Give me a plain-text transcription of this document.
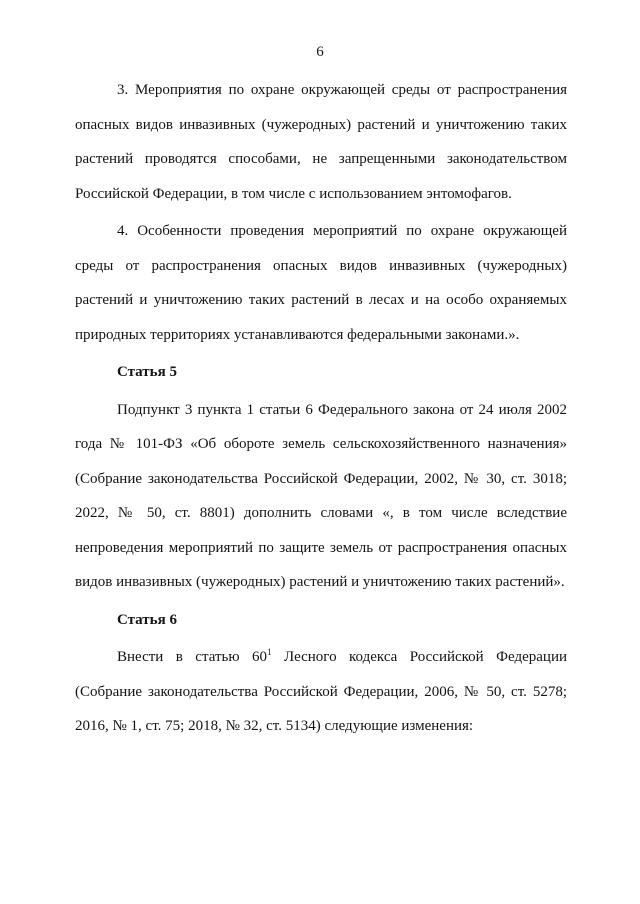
6

3. Мероприятия по охране окружающей среды от распространения опасных видов инвазивных (чужеродных) растений и уничтожению таких растений проводятся способами, не запрещенными законодательством Российской Федерации, в том числе с использованием энтомофагов.

4. Особенности проведения мероприятий по охране окружающей среды от распространения опасных видов инвазивных (чужеродных) растений и уничтожению таких растений в лесах и на особо охраняемых природных территориях устанавливаются федеральными законами.».

Статья 5

Подпункт 3 пункта 1 статьи 6 Федерального закона от 24 июля 2002 года № 101-ФЗ «Об обороте земель сельскохозяйственного назначения» (Собрание законодательства Российской Федерации, 2002, № 30, ст. 3018; 2022, № 50, ст. 8801) дополнить словами «, в том числе вследствие непроведения мероприятий по защите земель от распространения опасных видов инвазивных (чужеродных) растений и уничтожению таких растений».

Статья 6

Внести в статью $60^1$ Лесного кодекса Российской Федерации (Собрание законодательства Российской Федерации, 2006, № 50, ст. 5278; 2016, № 1, ст. 75; 2018, № 32, ст. 5134) следующие изменения:
